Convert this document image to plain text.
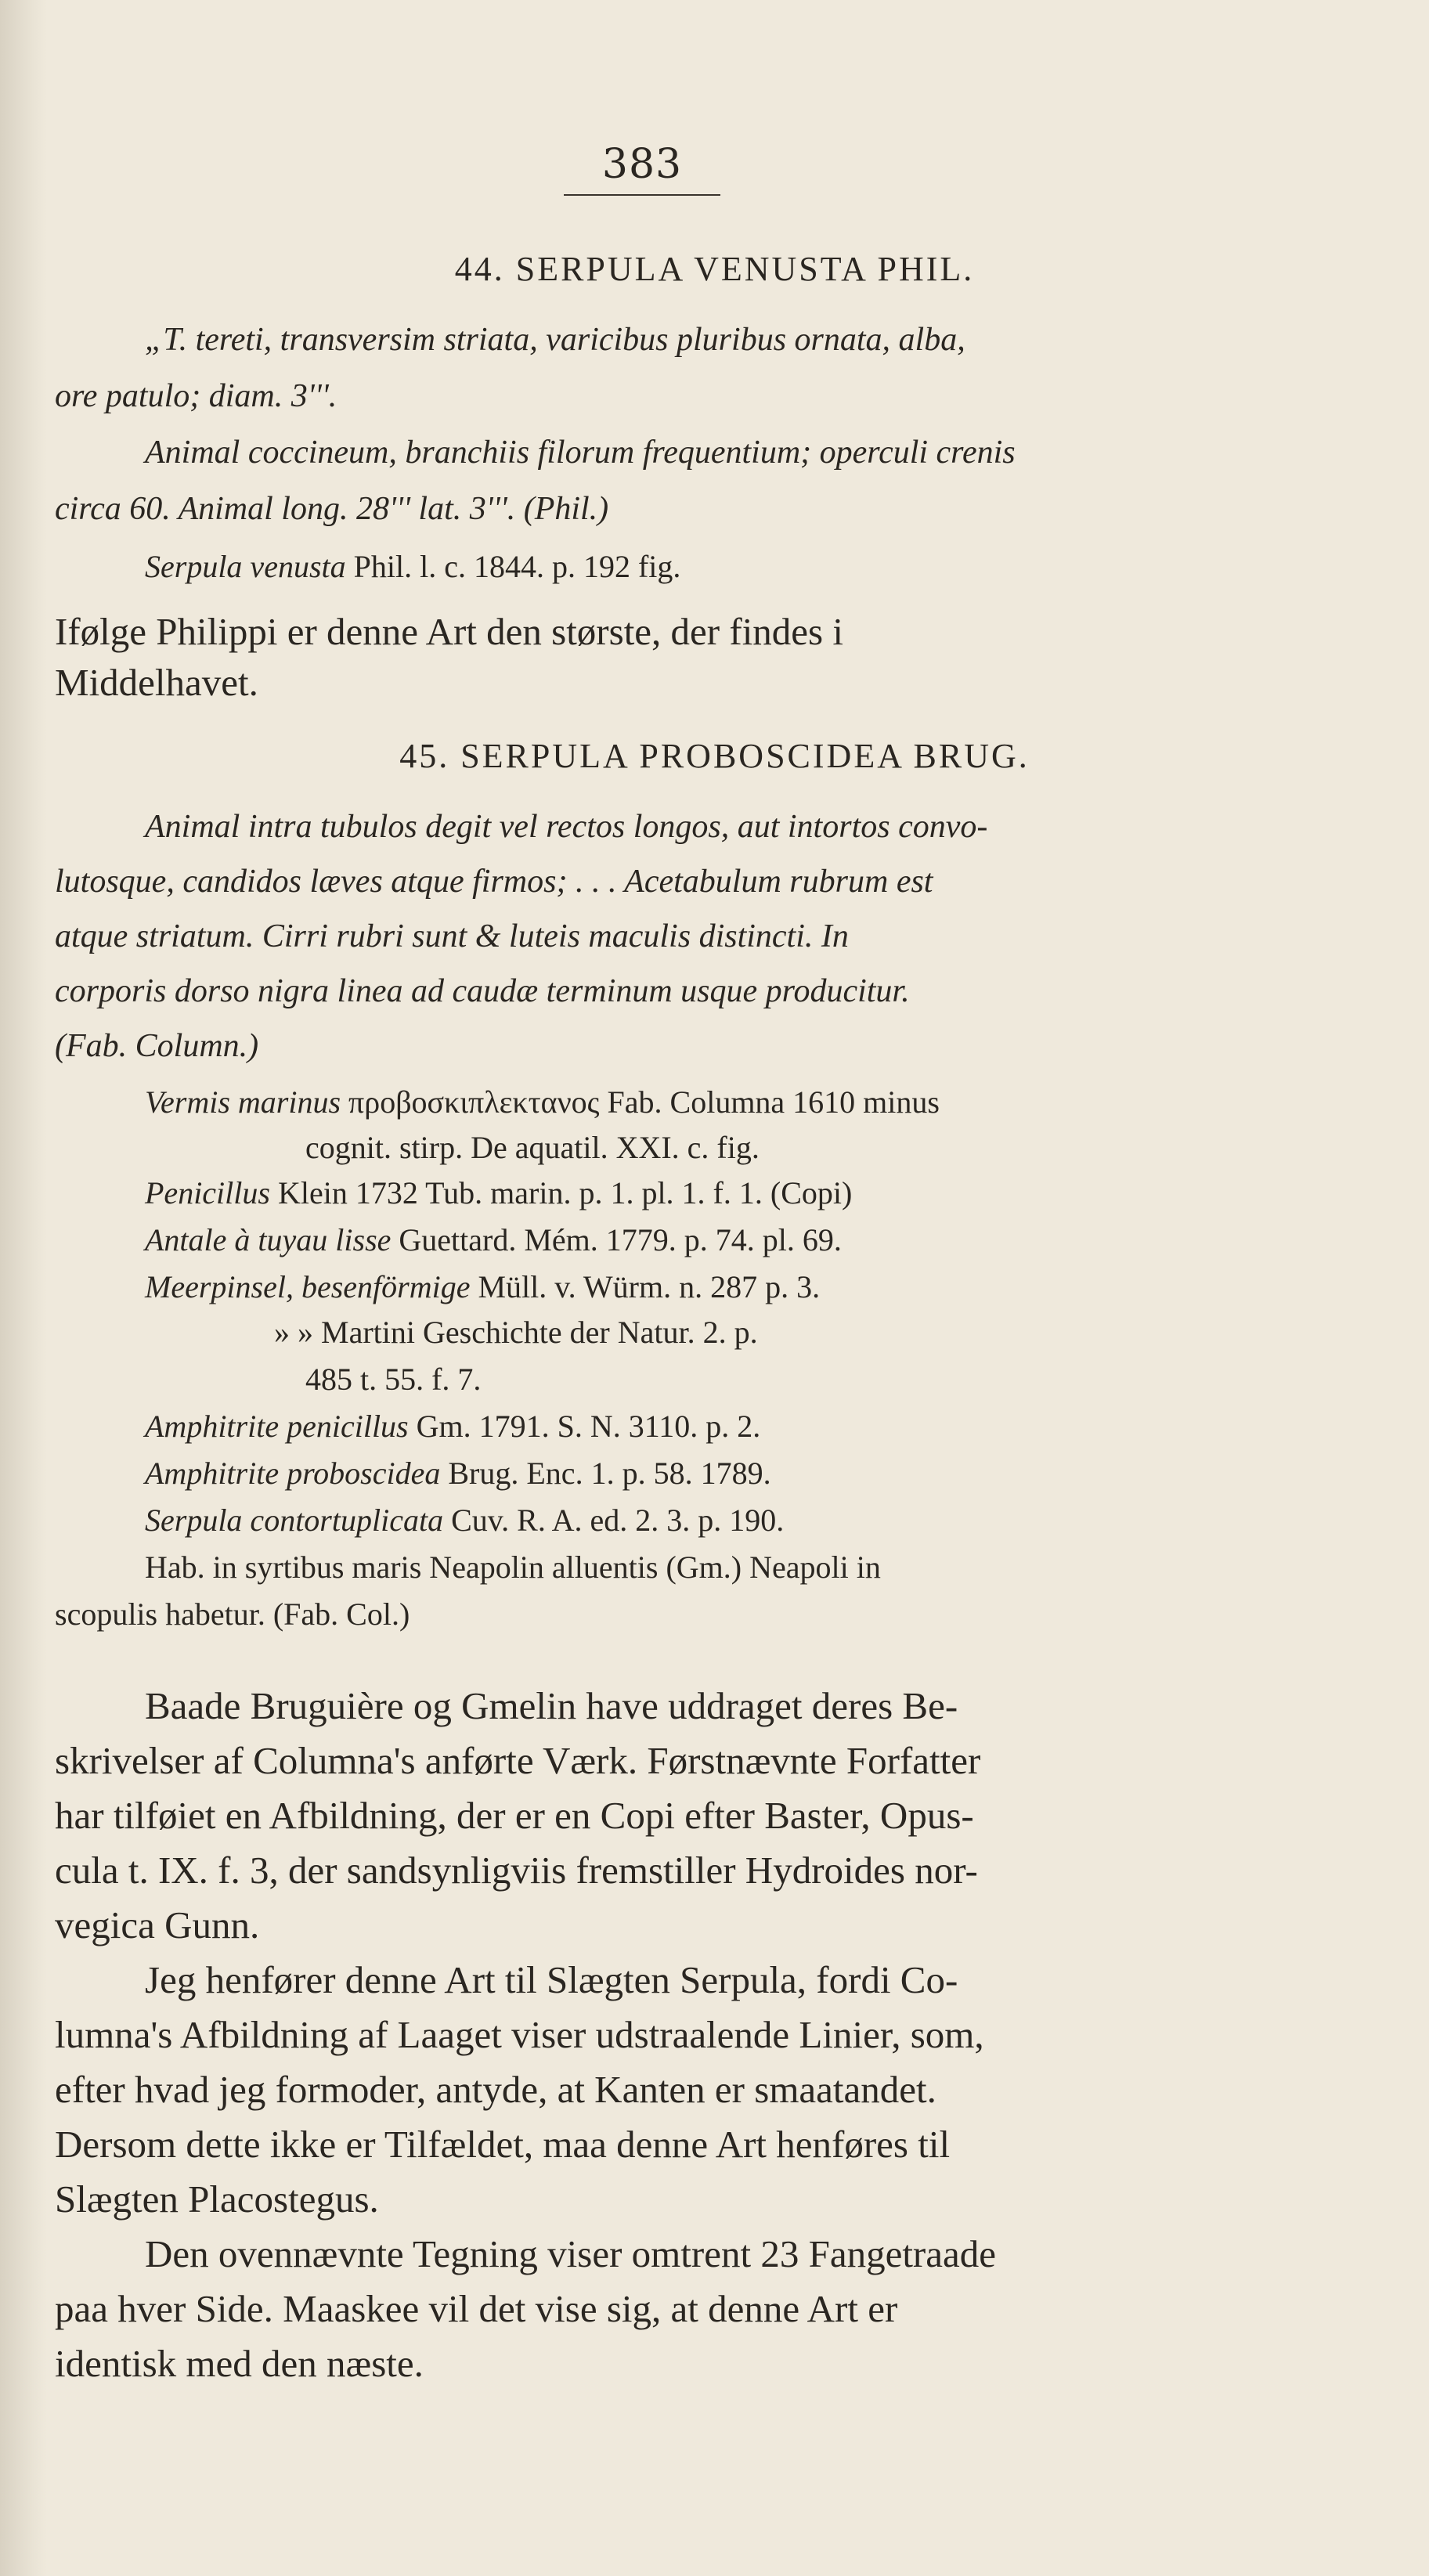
383
44. SERPULA VENUSTA PHIL.
„T. tereti, transversim striata, varicibus pluribus ornata, alba,
ore patulo; diam. 3'''.
Animal coccineum, branchiis filorum frequentium; operculi crenis
circa 60. Animal long. 28''' lat. 3'''. (Phil.)
Serpula venusta Phil. l. c. 1844. p. 192 fig.
Ifølge Philippi er denne Art den største, der findes i
Middelhavet.
45. SERPULA PROBOSCIDEA BRUG.
Animal intra tubulos degit vel rectos longos, aut intortos convo-
lutosque, candidos læves atque firmos; . . . Acetabulum rubrum est
atque striatum. Cirri rubri sunt & luteis maculis distincti. In
corporis dorso nigra linea ad caudæ terminum usque producitur.
(Fab. Column.)
Vermis marinus προβοσκιπλεκτανος Fab. Columna 1610 minus
cognit. stirp. De aquatil. XXI. c. fig.
Penicillus Klein 1732 Tub. marin. p. 1. pl. 1. f. 1. (Copi)
Antale à tuyau lisse Guettard. Mém. 1779. p. 74. pl. 69.
Meerpinsel, besenförmige Müll. v. Würm. n. 287 p. 3.
» » Martini Geschichte der Natur. 2. p.
485 t. 55. f. 7.
Amphitrite penicillus Gm. 1791. S. N. 3110. p. 2.
Amphitrite proboscidea Brug. Enc. 1. p. 58. 1789.
Serpula contortuplicata Cuv. R. A. ed. 2. 3. p. 190.
Hab. in syrtibus maris Neapolin alluentis (Gm.) Neapoli in
scopulis habetur. (Fab. Col.)
Baade Bruguière og Gmelin have uddraget deres Be-
skrivelser af Columna's anførte Værk. Førstnævnte Forfatter
har tilføiet en Afbildning, der er en Copi efter Baster, Opus-
cula t. IX. f. 3, der sandsynligviis fremstiller Hydroides nor-
vegica Gunn.
Jeg henfører denne Art til Slægten Serpula, fordi Co-
lumna's Afbildning af Laaget viser udstraalende Linier, som,
efter hvad jeg formoder, antyde, at Kanten er smaatandet.
Dersom dette ikke er Tilfældet, maa denne Art henføres til
Slægten Placostegus.
Den ovennævnte Tegning viser omtrent 23 Fangetraade
paa hver Side. Maaskee vil det vise sig, at denne Art er
identisk med den næste.
